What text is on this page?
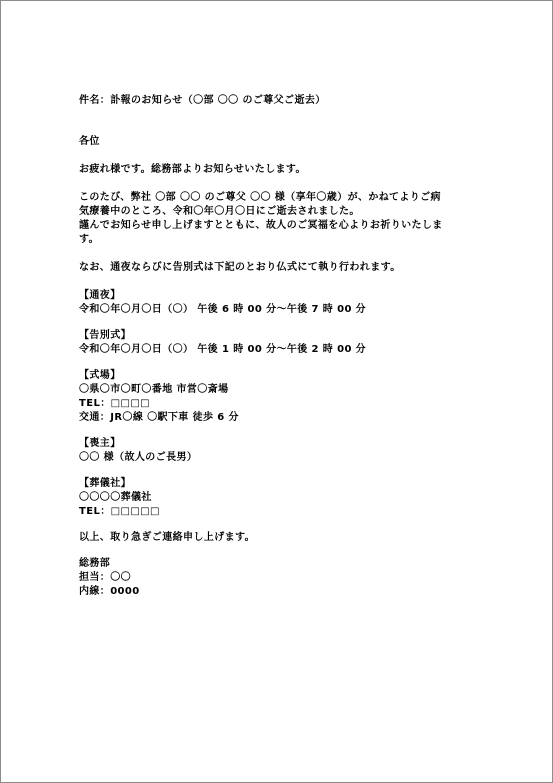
件名：訃報のお知らせ（〇部 〇〇 のご尊父ご逝去）
各位
お疲れ様です。総務部よりお知らせいたします。
このたび、弊社 〇部 〇〇 のご尊父 〇〇 様（享年〇歳）が、かねてよりご病
気療養中のところ、令和〇年〇月〇日にご逝去されました。
謹んでお知らせ申し上げますとともに、故人のご冥福を心よりお祈りいたしま
す。
なお、通夜ならびに告別式は下記のとおり仏式にて執り行われます。
【通夜】
令和〇年〇月〇日（〇） 午後 6 時 00 分～午後 7 時 00 分
【告別式】
令和〇年〇月〇日（〇） 午後 1 時 00 分～午後 2 時 00 分
【式場】
〇県〇市〇町〇番地 市営〇斎場
TEL：□□□□
交通：JR〇線 〇駅下車 徒歩 6 分
【喪主】
〇〇 様（故人のご長男）
【葬儀社】
〇〇〇〇葬儀社
TEL：□□□□□
以上、取り急ぎご連絡申し上げます。
総務部
担当：〇〇
内線：0000
